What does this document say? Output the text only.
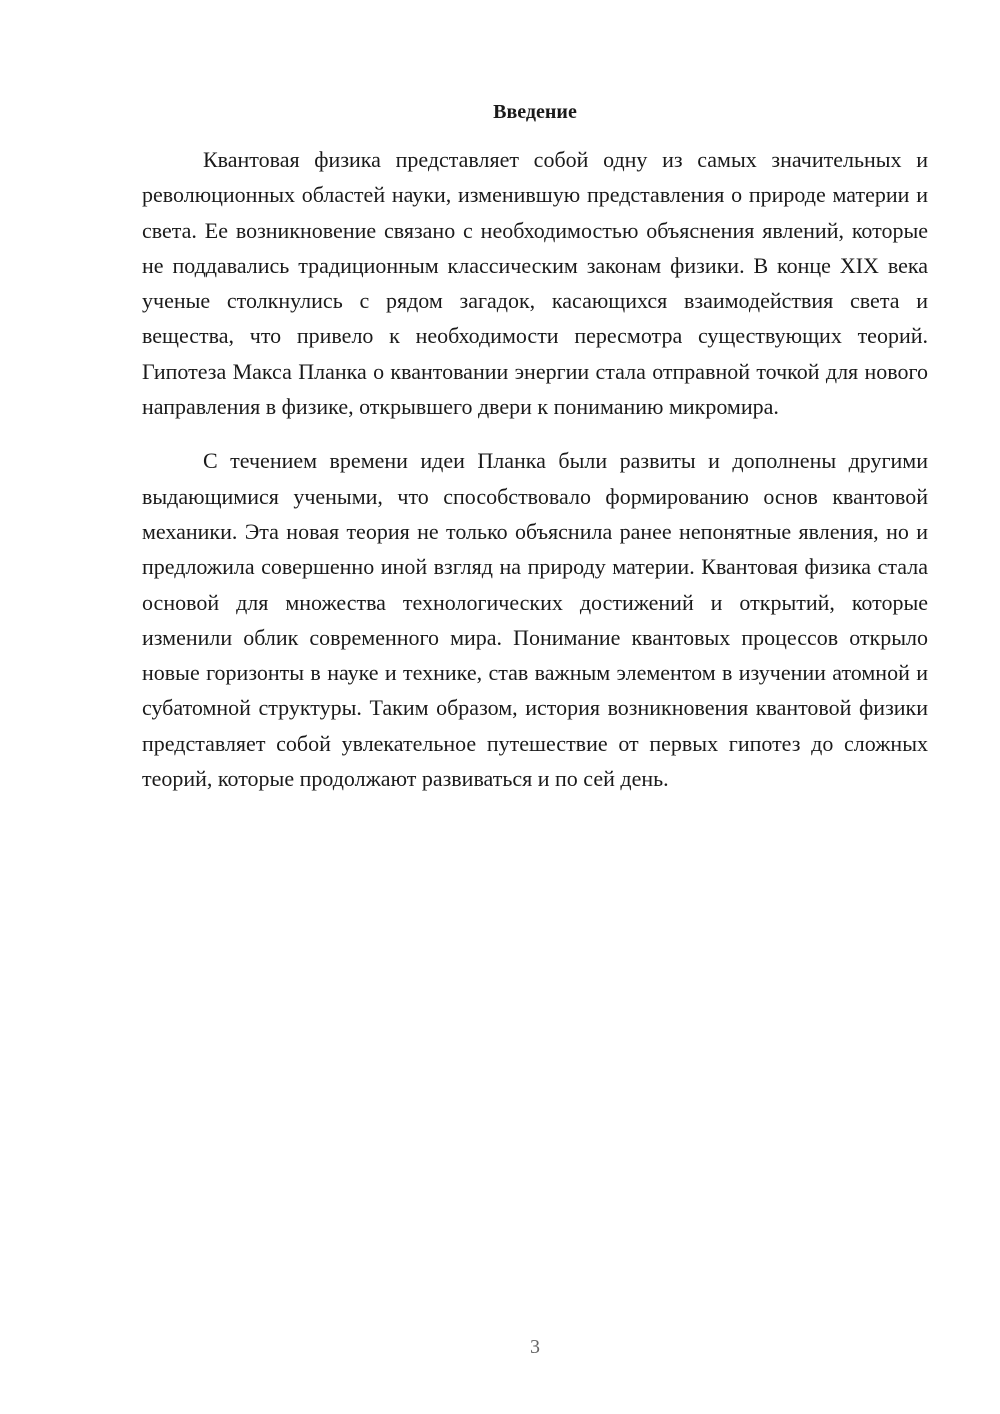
Введение

Квантовая физика представляет собой одну из самых значительных и революционных областей науки, изменившую представления о природе материи и света. Ее возникновение связано с необходимостью объяснения явлений, которые не поддавались традиционным классическим законам физики. В конце XIX века ученые столкнулись с рядом загадок, касающихся взаимодействия света и вещества, что привело к необходимости пересмотра существующих теорий. Гипотеза Макса Планка о квантовании энергии стала отправной точкой для нового направления в физике, открывшего двери к пониманию микромира.

С течением времени идеи Планка были развиты и дополнены другими выдающимися учеными, что способствовало формированию основ квантовой механики. Эта новая теория не только объяснила ранее непонятные явления, но и предложила совершенно иной взгляд на природу материи. Квантовая физика стала основой для множества технологических достижений и открытий, которые изменили облик современного мира. Понимание квантовых процессов открыло новые горизонты в науке и технике, став важным элементом в изучении атомной и субатомной структуры. Таким образом, история возникновения квантовой физики представляет собой увлекательное путешествие от первых гипотез до сложных теорий, которые продолжают развиваться и по сей день.

3
